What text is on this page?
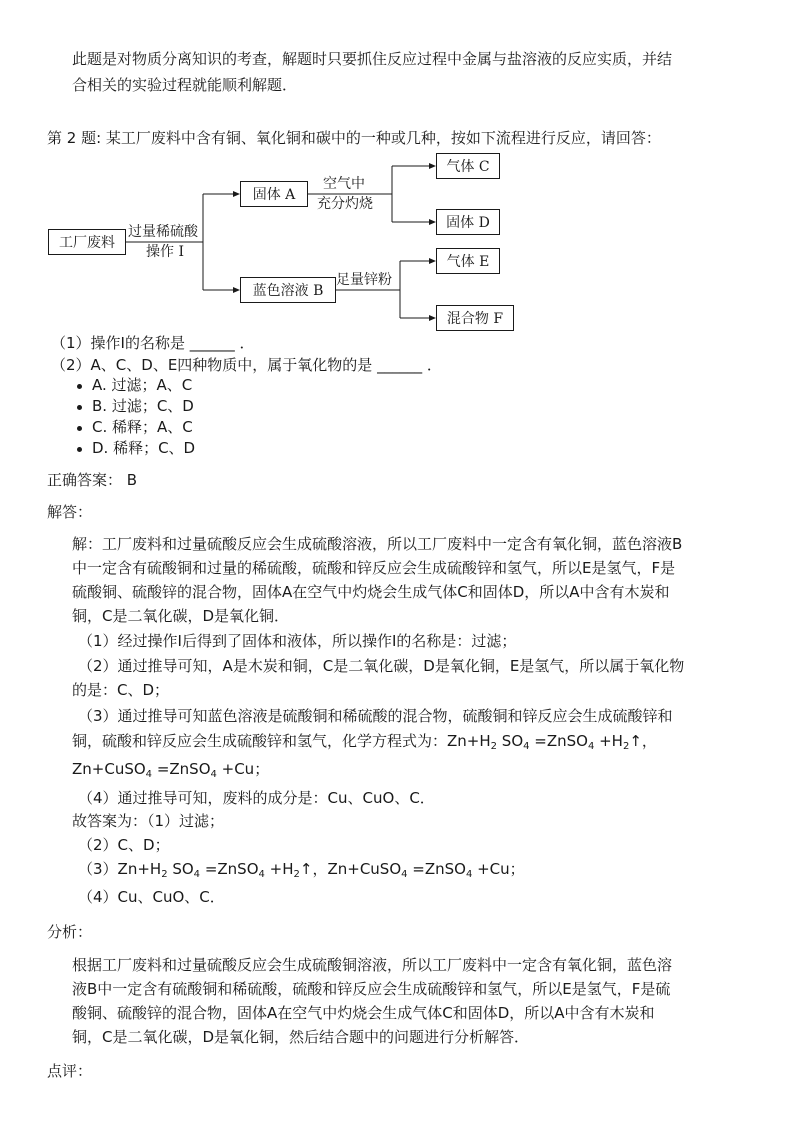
此题是对物质分离知识的考查，解题时只要抓住反应过程中金属与盐溶液的反应实质，并结
合相关的实验过程就能顺利解题．
第 2 题: 某工厂废料中含有铜、氧化铜和碳中的一种或几种，按如下流程进行反应，请回答：
工厂废料
固体 A
蓝色溶液 B
气体 C
固体 D
气体 E
混合物 F
过量稀硫酸
操作 I
空气中
充分灼烧
足量锌粉
（1）操作Ⅰ的名称是 ______ ．
（2）A、C、D、E四种物质中，属于氧化物的是 ______ ．
A. 过滤；A、C
B. 过滤；C、D
C. 稀释；A、C
D. 稀释；C、D
正确答案： B
解答：
解：工厂废料和过量硫酸反应会生成硫酸溶液，所以工厂废料中一定含有氧化铜，蓝色溶液B
中一定含有硫酸铜和过量的稀硫酸，硫酸和锌反应会生成硫酸锌和氢气，所以E是氢气，F是
硫酸铜、硫酸锌的混合物，固体A在空气中灼烧会生成气体C和固体D，所以A中含有木炭和
铜，C是二氧化碳，D是氧化铜．
（1）经过操作Ⅰ后得到了固体和液体，所以操作Ⅰ的名称是：过滤；
（2）通过推导可知，A是木炭和铜，C是二氧化碳，D是氧化铜，E是氢气，所以属于氧化物
的是：C、D；
（3）通过推导可知蓝色溶液是硫酸铜和稀硫酸的混合物，硫酸铜和锌反应会生成硫酸锌和
铜，硫酸和锌反应会生成硫酸锌和氢气，化学方程式为：$Zn+H_2$ $SO_4$ =ZnSO$_4$ $+H_2↑$，
Zn+CuSO$_4$ =ZnSO$_4$ +Cu；
（4）通过推导可知，废料的成分是：Cu、CuO、C．
故答案为：（1）过滤；
（2）C、D；
$(3)Zn+H_2$ $SO_4$ =ZnSO$_4$ $+H_2↑$，Zn+CuSO$_4$ =ZnSO$_4$ +Cu；
（4）Cu、CuO、C．
分析：
根据工厂废料和过量硫酸反应会生成硫酸铜溶液，所以工厂废料中一定含有氧化铜，蓝色溶
液B中一定含有硫酸铜和稀硫酸，硫酸和锌反应会生成硫酸锌和氢气，所以E是氢气，F是硫
酸铜、硫酸锌的混合物，固体A在空气中灼烧会生成气体C和固体D，所以A中含有木炭和
铜，C是二氧化碳，D是氧化铜，然后结合题中的问题进行分析解答．
点评：
